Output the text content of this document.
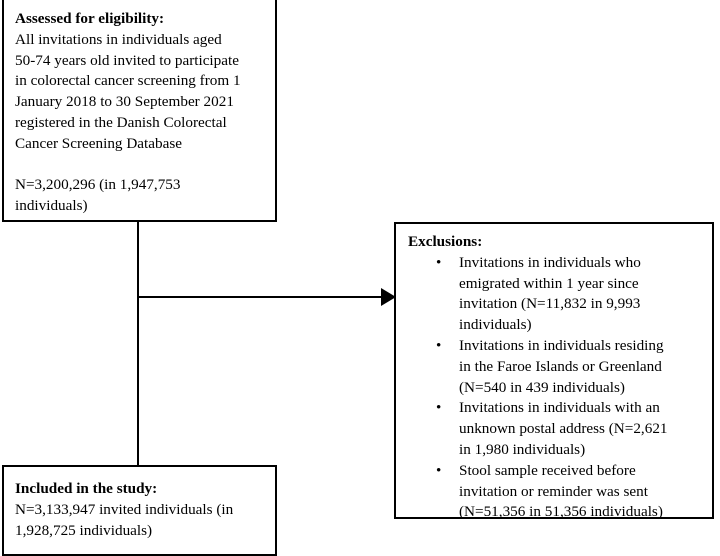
Assessed for eligibility:
All invitations in individuals aged
50-74 years old invited to participate
in colorectal cancer screening from 1
January 2018 to 30 September 2021
registered in the Danish Colorectal
Cancer Screening Database
N=3,200,296 (in 1,947,753
individuals)
Exclusions:
• Invitations in individuals who
emigrated within 1 year since
invitation (N=11,832 in 9,993
individuals)
• Invitations in individuals residing
in the Faroe Islands or Greenland
(N=540 in 439 individuals)
• Invitations in individuals with an
unknown postal address (N=2,621
in 1,980 individuals)
• Stool sample received before
invitation or reminder was sent
(N=51,356 in 51,356 individuals)
Included in the study:
N=3,133,947 invited individuals (in
1,928,725 individuals)
